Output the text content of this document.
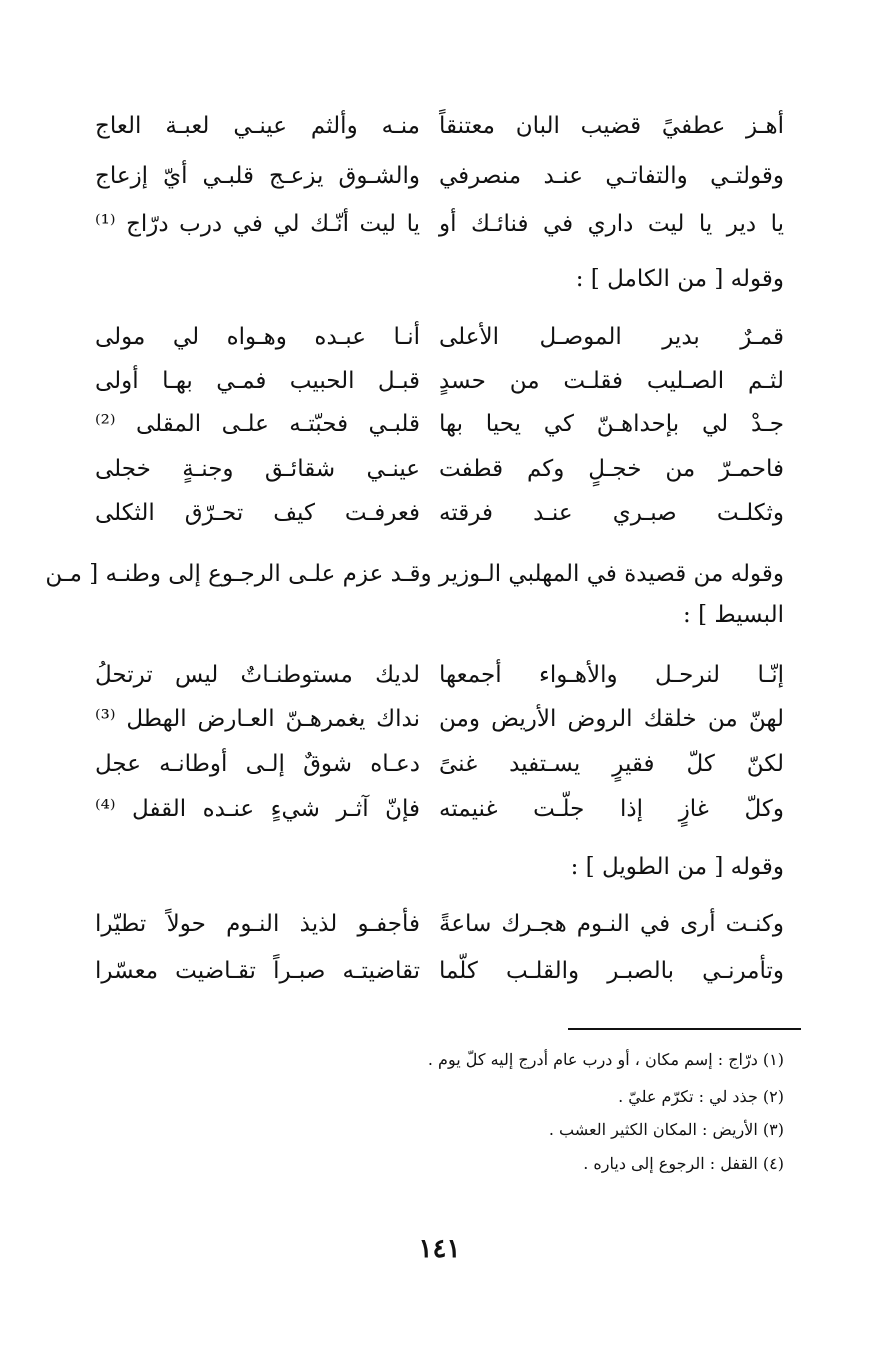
أهـز عطفيً قضيب البان معتنقاً
منـه وألثم عينـي لعبـة العاج
وقولتـي والتفاتـي عنـد منصرفي
والشـوق يزعـج قلبـي أيّ إزعاج
يا دير يا ليت داري في فنائـك أو
يا ليت أنّـك لي في درب درّاج ⁽¹⁾
وقوله [ من الكامل ] :
قمـرٌ بدير الموصـل الأعلى
أنـا عبـده وهـواه لي مولى
لثـم الصـليب فقلـت من حسدٍ
قبـل الحبيب فمـي بهـا أولى
جـدْ لي بإحداهـنّ كي يحيا بها
قلبـي فحبّتـه علـى المقلى ⁽²⁾
فاحمـرّ من خجـلٍ وكم قطفت
عينـي شقائـق وجنـةٍ خجلى
وثكلـت صبـري عنـد فرقته
فعرفـت كيف تحـرّق الثكلى
وقوله من قصيدة في المهلبي الـوزير وقـد عزم علـى الرجـوع إلى وطنـه [ مـن
البسيط ] :
إنّـا لنرحـل والأهـواء أجمعها
لديك مستوطنـاتٌ ليس ترتحلُ
لهنّ من خلقك الروض الأريض ومن
نداك يغمرهـنّ العـارض الهطل ⁽³⁾
لكنّ كلّ فقيرٍ يسـتفيد غنىً
دعـاه شوقٌ إلـى أوطانـه عجل
وكلّ غازٍ إذا جلّـت غنيمته
فإنّ آثـر شيءٍ عنـده القفل ⁽⁴⁾
وقوله [ من الطويل ] :
وكنـت أرى في النـوم هجـرك ساعةً
فأجفـو لذيذ النـوم حولاً تطيّرا
وتأمرنـي بالصبـر والقلـب كلّما
تقاضيتـه صبـراً تقـاضيت معسّرا
(١) درّاج : إسم مكان ، أو درب عام أدرج إليه كلّ يوم .
(٢) جذد لي : تكرّم عليّ .
(٣) الأريض : المكان الكثير العشب .
(٤) القفل : الرجوع إلى دياره .
١٤١
